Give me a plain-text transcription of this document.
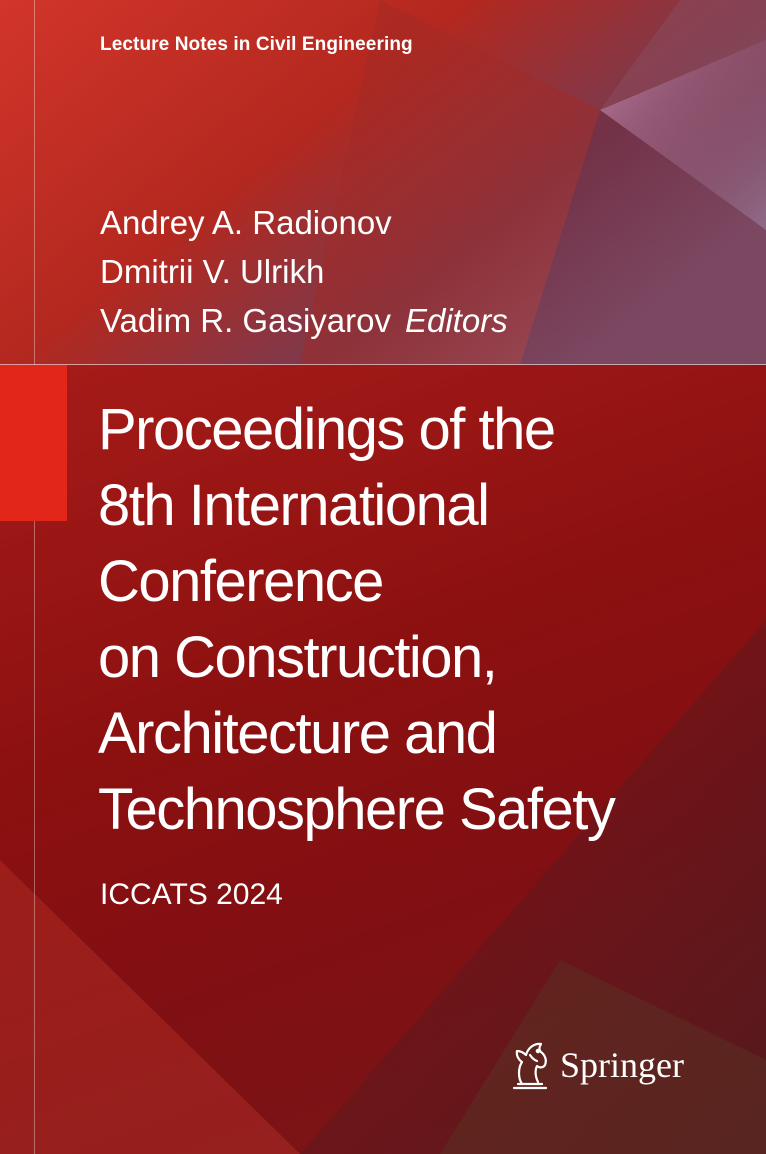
Lecture Notes in Civil Engineering
Andrey A. Radionov
Dmitrii V. Ulrikh
Vadim R. Gasiyarov Editors
Proceedings of the
8th International
Conference
on Construction,
Architecture and
Technosphere Safety
ICCATS 2024
Springer
